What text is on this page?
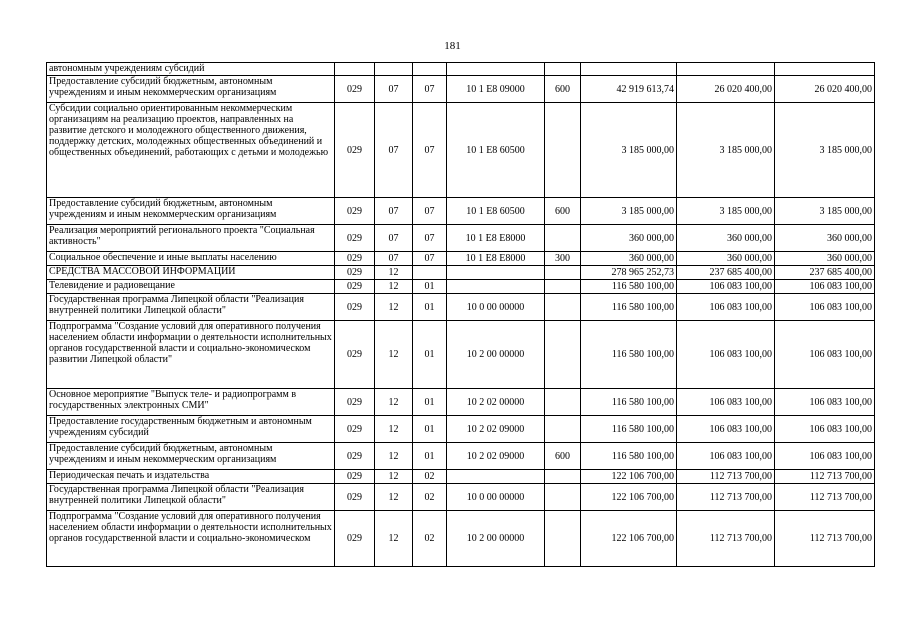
181
автономным учреждениям субсидий								
Предоставление субсидий бюджетным, автономным учреждениям и иным некоммерческим организациям	029	07	07	10 1 E8 09000	600	42 919 613,74	26 020 400,00	26 020 400,00
Субсидии социально ориентированным некоммерческим организациям на реализацию проектов, направленных на развитие детского и молодежного общественного движения, поддержку детских, молодежных общественных объединений и общественных объединений, работающих с детьми и молодежью	029	07	07	10 1 E8 60500		3 185 000,00	3 185 000,00	3 185 000,00
Предоставление субсидий бюджетным, автономным учреждениям и иным некоммерческим организациям	029	07	07	10 1 E8 60500	600	3 185 000,00	3 185 000,00	3 185 000,00
Реализация мероприятий регионального проекта "Социальная активность"	029	07	07	10 1 E8 E8000		360 000,00	360 000,00	360 000,00
Социальное обеспечение и иные выплаты населению	029	07	07	10 1 E8 E8000	300	360 000,00	360 000,00	360 000,00
СРЕДСТВА МАССОВОЙ ИНФОРМАЦИИ	029	12				278 965 252,73	237 685 400,00	237 685 400,00
Телевидение и радиовещание	029	12	01			116 580 100,00	106 083 100,00	106 083 100,00
Государственная программа Липецкой области "Реализация внутренней политики Липецкой области"	029	12	01	10 0 00 00000		116 580 100,00	106 083 100,00	106 083 100,00
Подпрограмма "Создание условий для оперативного получения населением области информации о деятельности исполнительных органов государственной власти и социально-экономическом развитии Липецкой области"	029	12	01	10 2 00 00000		116 580 100,00	106 083 100,00	106 083 100,00
Основное мероприятие "Выпуск теле- и радиопрограмм в государственных электронных СМИ"	029	12	01	10 2 02 00000		116 580 100,00	106 083 100,00	106 083 100,00
Предоставление государственным бюджетным и автономным учреждениям субсидий	029	12	01	10 2 02 09000		116 580 100,00	106 083 100,00	106 083 100,00
Предоставление субсидий бюджетным, автономным учреждениям и иным некоммерческим организациям	029	12	01	10 2 02 09000	600	116 580 100,00	106 083 100,00	106 083 100,00
Периодическая печать и издательства	029	12	02			122 106 700,00	112 713 700,00	112 713 700,00
Государственная программа Липецкой области "Реализация внутренней политики Липецкой области"	029	12	02	10 0 00 00000		122 106 700,00	112 713 700,00	112 713 700,00
Подпрограмма "Создание условий для оперативного получения населением области информации о деятельности исполнительных органов государственной власти и социально-экономическом	029	12	02	10 2 00 00000		122 106 700,00	112 713 700,00	112 713 700,00
